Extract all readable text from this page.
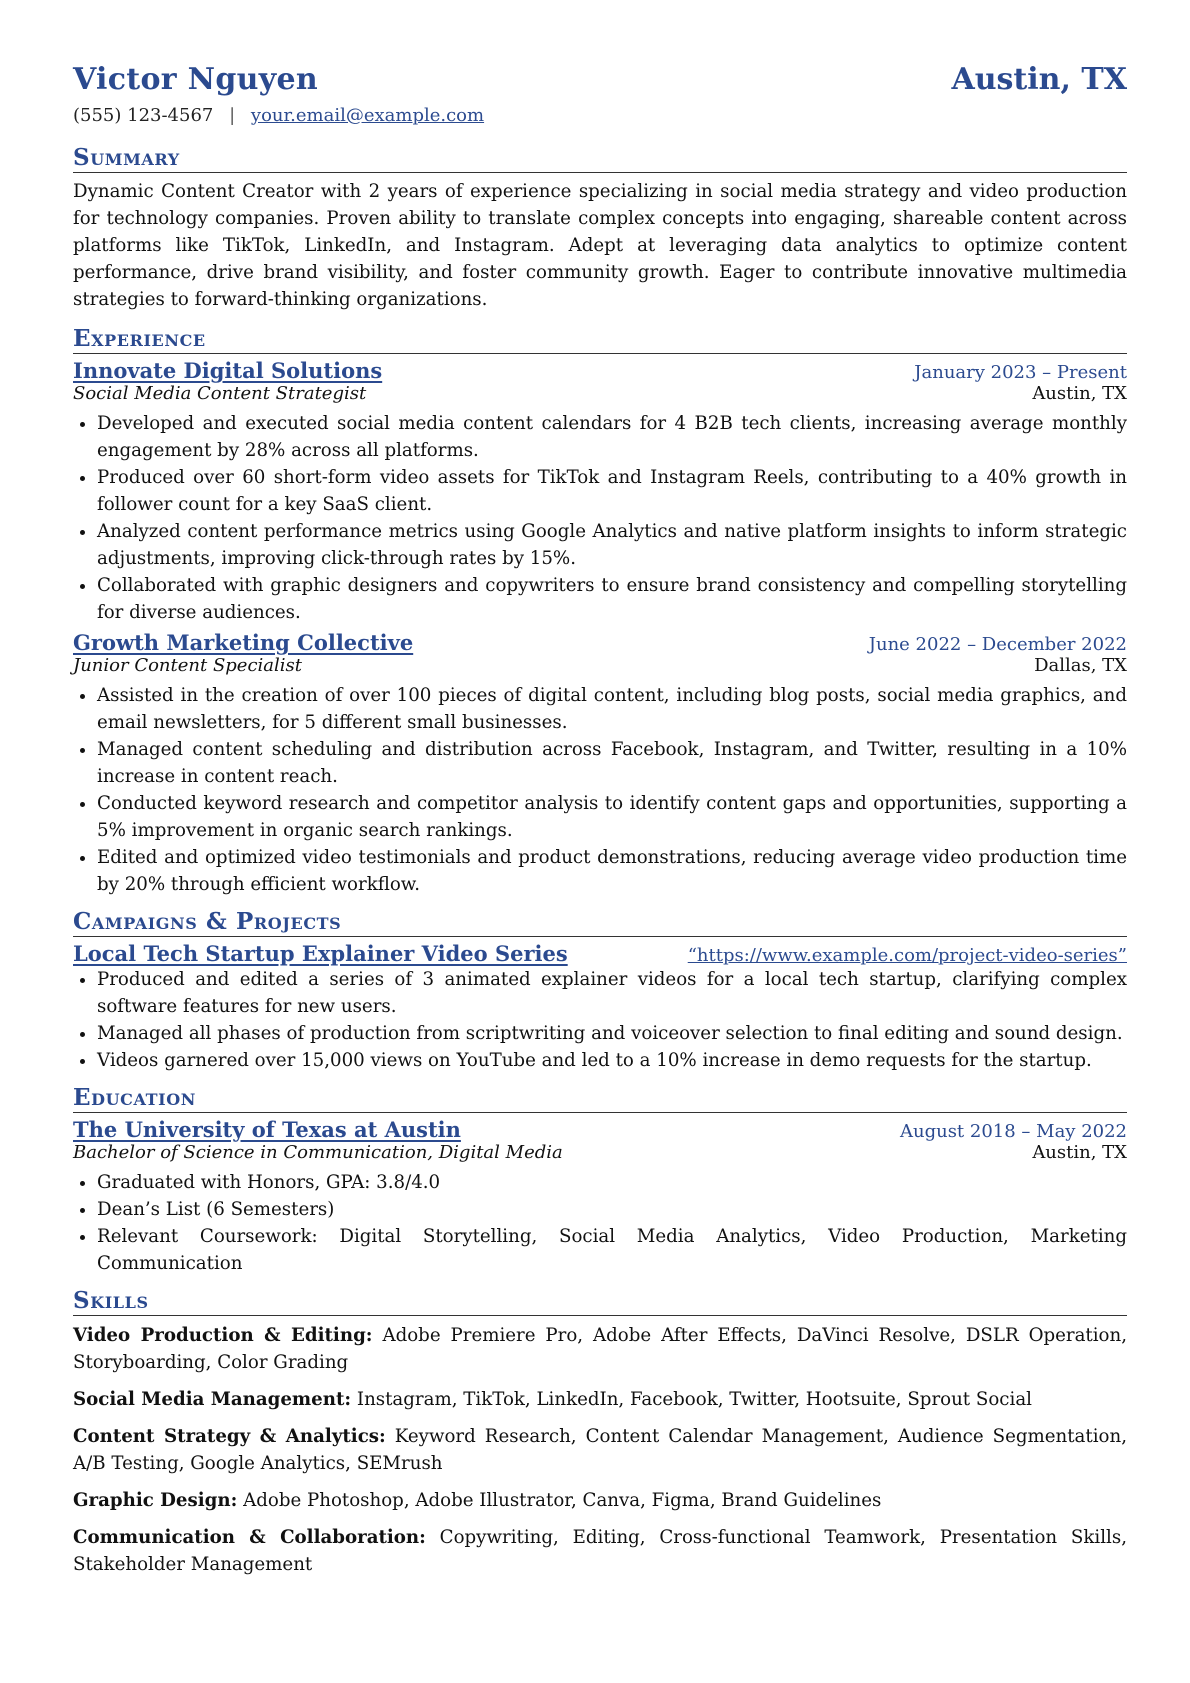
Victor Nguyen	Austin, TX
(555) 123-4567 | your.email@example.com
Summary
Dynamic Content Creator with 2 years of experience specializing in social media strategy and video production for technology companies. Proven ability to translate complex concepts into engaging, shareable content across platforms like TikTok, LinkedIn, and Instagram. Adept at leveraging data analytics to optimize content performance, drive brand visibility, and foster community growth. Eager to contribute innovative multimedia strategies to forward-thinking organizations.
Experience
Innovate Digital Solutions	January 2023 – Present
Social Media Content Strategist	Austin, TX
• Developed and executed social media content calendars for 4 B2B tech clients, increasing average monthly engagement by 28% across all platforms.
• Produced over 60 short-form video assets for TikTok and Instagram Reels, contributing to a 40% growth in follower count for a key SaaS client.
• Analyzed content performance metrics using Google Analytics and native platform insights to inform strategic adjustments, improving click-through rates by 15%.
• Collaborated with graphic designers and copywriters to ensure brand consistency and compelling storytelling for diverse audiences.
Growth Marketing Collective	June 2022 – December 2022
Junior Content Specialist	Dallas, TX
• Assisted in the creation of over 100 pieces of digital content, including blog posts, social media graphics, and email newsletters, for 5 different small businesses.
• Managed content scheduling and distribution across Facebook, Instagram, and Twitter, resulting in a 10% increase in content reach.
• Conducted keyword research and competitor analysis to identify content gaps and opportunities, supporting a 5% improvement in organic search rankings.
• Edited and optimized video testimonials and product demonstrations, reducing average video production time by 20% through efficient workflow.
Campaigns & Projects
Local Tech Startup Explainer Video Series	“https://www.example.com/project-video-series”
• Produced and edited a series of 3 animated explainer videos for a local tech startup, clarifying complex software features for new users.
• Managed all phases of production from scriptwriting and voiceover selection to final editing and sound design.
• Videos garnered over 15,000 views on YouTube and led to a 10% increase in demo requests for the startup.
Education
The University of Texas at Austin	August 2018 – May 2022
Bachelor of Science in Communication, Digital Media	Austin, TX
• Graduated with Honors, GPA: 3.8/4.0
• Dean’s List (6 Semesters)
• Relevant Coursework: Digital Storytelling, Social Media Analytics, Video Production, Marketing Communication
Skills
Video Production & Editing: Adobe Premiere Pro, Adobe After Effects, DaVinci Resolve, DSLR Operation, Storyboarding, Color Grading
Social Media Management: Instagram, TikTok, LinkedIn, Facebook, Twitter, Hootsuite, Sprout Social
Content Strategy & Analytics: Keyword Research, Content Calendar Management, Audience Segmentation, A/B Testing, Google Analytics, SEMrush
Graphic Design: Adobe Photoshop, Adobe Illustrator, Canva, Figma, Brand Guidelines
Communication & Collaboration: Copywriting, Editing, Cross-functional Teamwork, Presentation Skills, Stakeholder Management
